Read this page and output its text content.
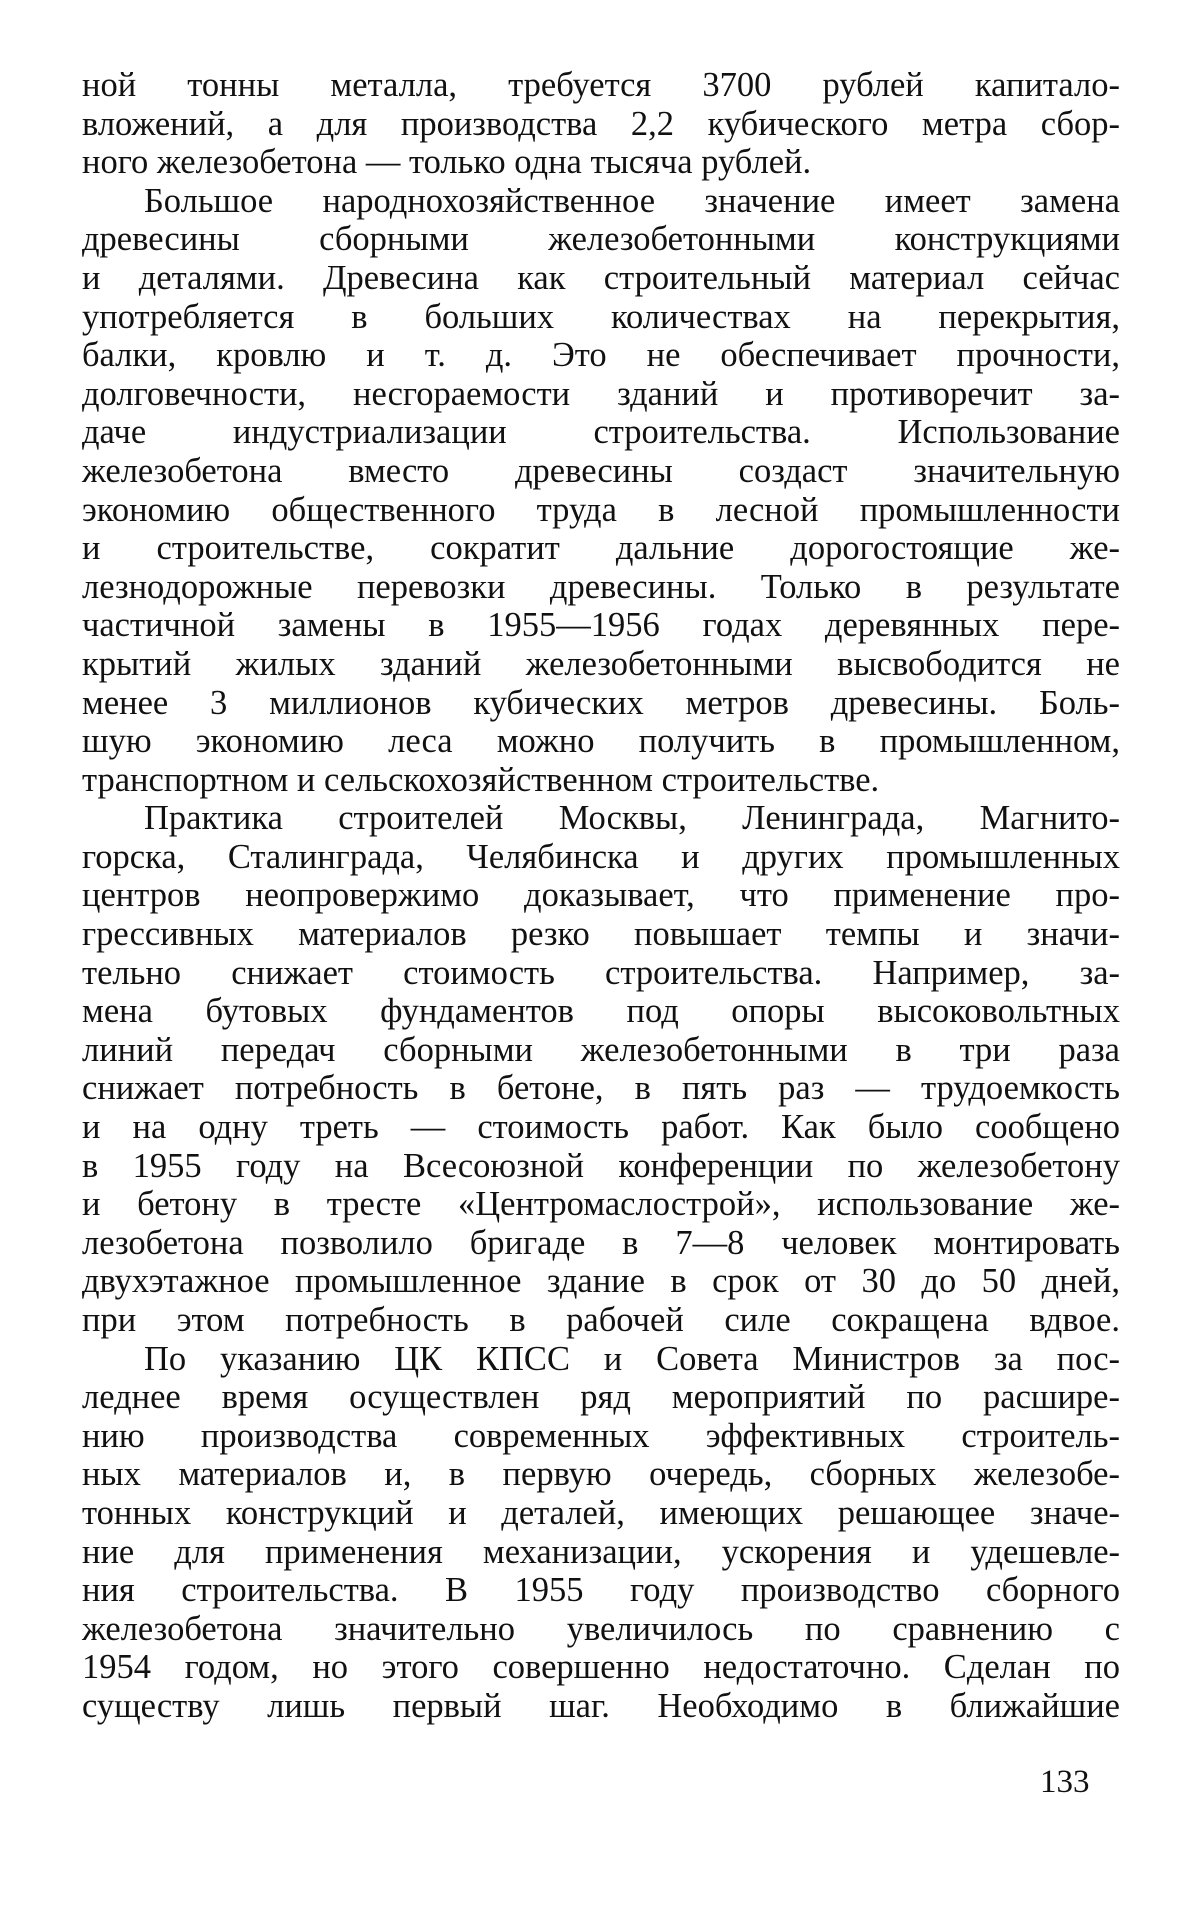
ной тонны металла, требуется 3700 рублей капитало-
вложений, а для производства 2,2 кубического метра сбор-
ного железобетона — только одна тысяча рублей.
Большое народнохозяйственное значение имеет замена
древесины сборными железобетонными конструкциями
и деталями. Древесина как строительный материал сейчас
употребляется в больших количествах на перекрытия,
балки, кровлю и т. д. Это не обеспечивает прочности,
долговечности, несгораемости зданий и противоречит за-
даче индустриализации строительства. Использование
железобетона вместо древесины создаст значительную
экономию общественного труда в лесной промышленности
и строительстве, сократит дальние дорогостоящие же-
лезнодорожные перевозки древесины. Только в результате
частичной замены в 1955—1956 годах деревянных пере-
крытий жилых зданий железобетонными высвободится не
менее 3 миллионов кубических метров древесины. Боль-
шую экономию леса можно получить в промышленном,
транспортном и сельскохозяйственном строительстве.
Практика строителей Москвы, Ленинграда, Магнито-
горска, Сталинграда, Челябинска и других промышленных
центров неопровержимо доказывает, что применение про-
грессивных материалов резко повышает темпы и значи-
тельно снижает стоимость строительства. Например, за-
мена бутовых фундаментов под опоры высоковольтных
линий передач сборными железобетонными в три раза
снижает потребность в бетоне, в пять раз — трудоемкость
и на одну треть — стоимость работ. Как было сообщено
в 1955 году на Всесоюзной конференции по железобетону
и бетону в тресте «Центромаслострой», использование же-
лезобетона позволило бригаде в 7—8 человек монтировать
двухэтажное промышленное здание в срок от 30 до 50 дней,
при этом потребность в рабочей силе сокращена вдвое.
По указанию ЦК КПСС и Совета Министров за пос-
леднее время осуществлен ряд мероприятий по расшире-
нию производства современных эффективных строитель-
ных материалов и, в первую очередь, сборных железобе-
тонных конструкций и деталей, имеющих решающее значе-
ние для применения механизации, ускорения и удешевле-
ния строительства. В 1955 году производство сборного
железобетона значительно увеличилось по сравнению с
1954 годом, но этого совершенно недостаточно. Сделан по
существу лишь первый шаг. Необходимо в ближайшие
133
